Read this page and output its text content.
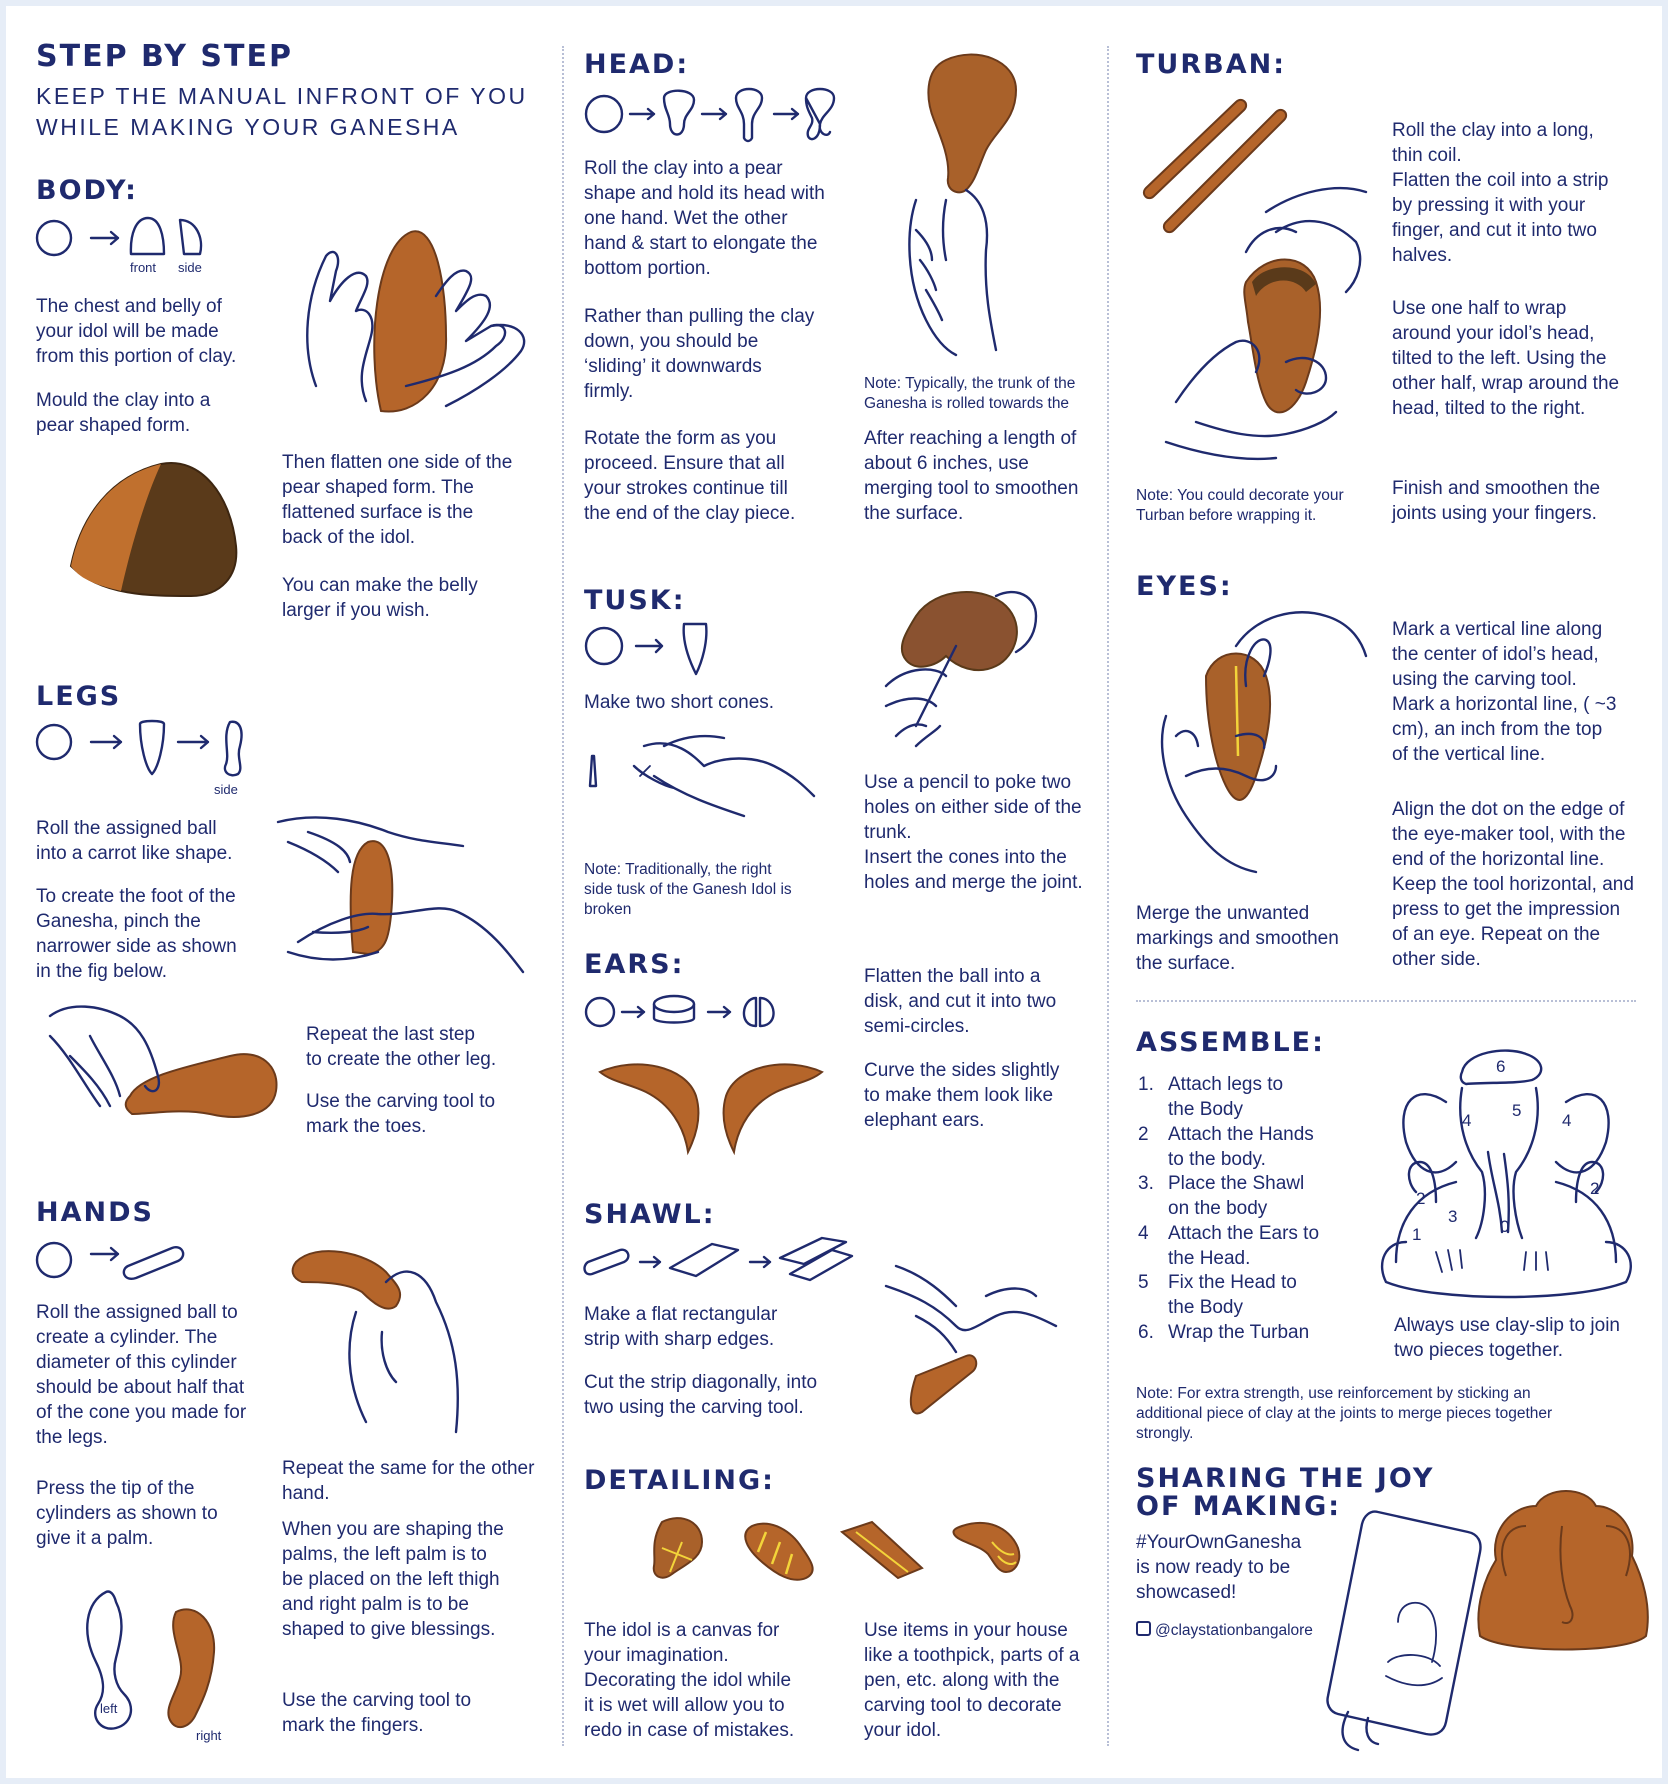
STEP BY STEP
KEEP THE MANUAL INFRONT OF YOU
WHILE MAKING YOUR GANESHA
BODY:
front side
The chest and belly of
your idol will be made
from this portion of clay.
Mould the clay into a
pear shaped form.
Then flatten one side of the
pear shaped form. The
flattened surface is the
back of the idol.
You can make the belly
larger if you wish.
LEGS
side
Roll the assigned ball
into a carrot like shape.
To create the foot of the
Ganesha, pinch the
narrower side as shown
in the fig below.
Repeat the last step
to create the other leg.
Use the carving tool to
mark the toes.
HANDS
Roll the assigned ball to
create a cylinder. The
diameter of this cylinder
should be about half that
of the cone you made for
the legs.
Press the tip of the
cylinders as shown to
give it a palm.
Repeat the same for the other
hand.
When you are shaping the
palms, the left palm is to
be placed on the left thigh
and right palm is to be
shaped to give blessings.
left
right
Use the carving tool to
mark the fingers.
HEAD:
Roll the clay into a pear
shape and hold its head with
one hand. Wet the other
hand & start to elongate the
bottom portion.
Rather than pulling the clay
down, you should be
‘sliding’ it downwards
firmly.
Rotate the form as you
proceed. Ensure that all
your strokes continue till
the end of the clay piece.
Note: Typically, the trunk of the
Ganesha is rolled towards the
After reaching a length of
about 6 inches, use
merging tool to smoothen
the surface.
TUSK:
Make two short cones.
Note: Traditionally, the right
side tusk of the Ganesh Idol is
broken
Use a pencil to poke two
holes on either side of the
trunk.
Insert the cones into the
holes and merge the joint.
EARS:	Flatten the ball into a
disk, and cut it into two
semi-circles.
Curve the sides slightly
to make them look like
elephant ears.
SHAWL:
Make a flat rectangular
strip with sharp edges.
Cut the strip diagonally, into
two using the carving tool.
DETAILING:
The idol is a canvas for
your imagination.
Decorating the idol while
it is wet will allow you to
redo in case of mistakes.
Use items in your house
like a toothpick, parts of a
pen, etc. along with the
carving tool to decorate
your idol.
TURBAN:
Roll the clay into a long,
thin coil.
Flatten the coil into a strip
by pressing it with your
finger, and cut it into two
halves.
Use one half to wrap
around your idol’s head,
tilted to the left. Using the
other half, wrap around the
head, tilted to the right.
Note: You could decorate your
Turban before wrapping it.
Finish and smoothen the
joints using your fingers.
EYES:
Mark a vertical line along
the center of idol’s head,
using the carving tool.
Mark a horizontal line, ( ~3
cm), an inch from the top
of the vertical line.
Align the dot on the edge of
the eye-maker tool, with the
end of the horizontal line.
Keep the tool horizontal, and
press to get the impression
of an eye. Repeat on the
other side.
Merge the unwanted
markings and smoothen
the surface.
ASSEMBLE:
1. Attach legs to
the Body
2 Attach the Hands
to the body.
3. Place the Shawl
on the body
4 Attach the Ears to
the Head.
5 Fix the Head to
the Body
6. Wrap the Turban
6
5
4	4
2
2
3
1	0
Always use clay-slip to join
two pieces together.
Note: For extra strength, use reinforcement by sticking an
additional piece of clay at the joints to merge pieces together
strongly.
SHARING THE JOY
OF MAKING:
#YourOwnGanesha
is now ready to be
showcased!
@claystationbangalore
